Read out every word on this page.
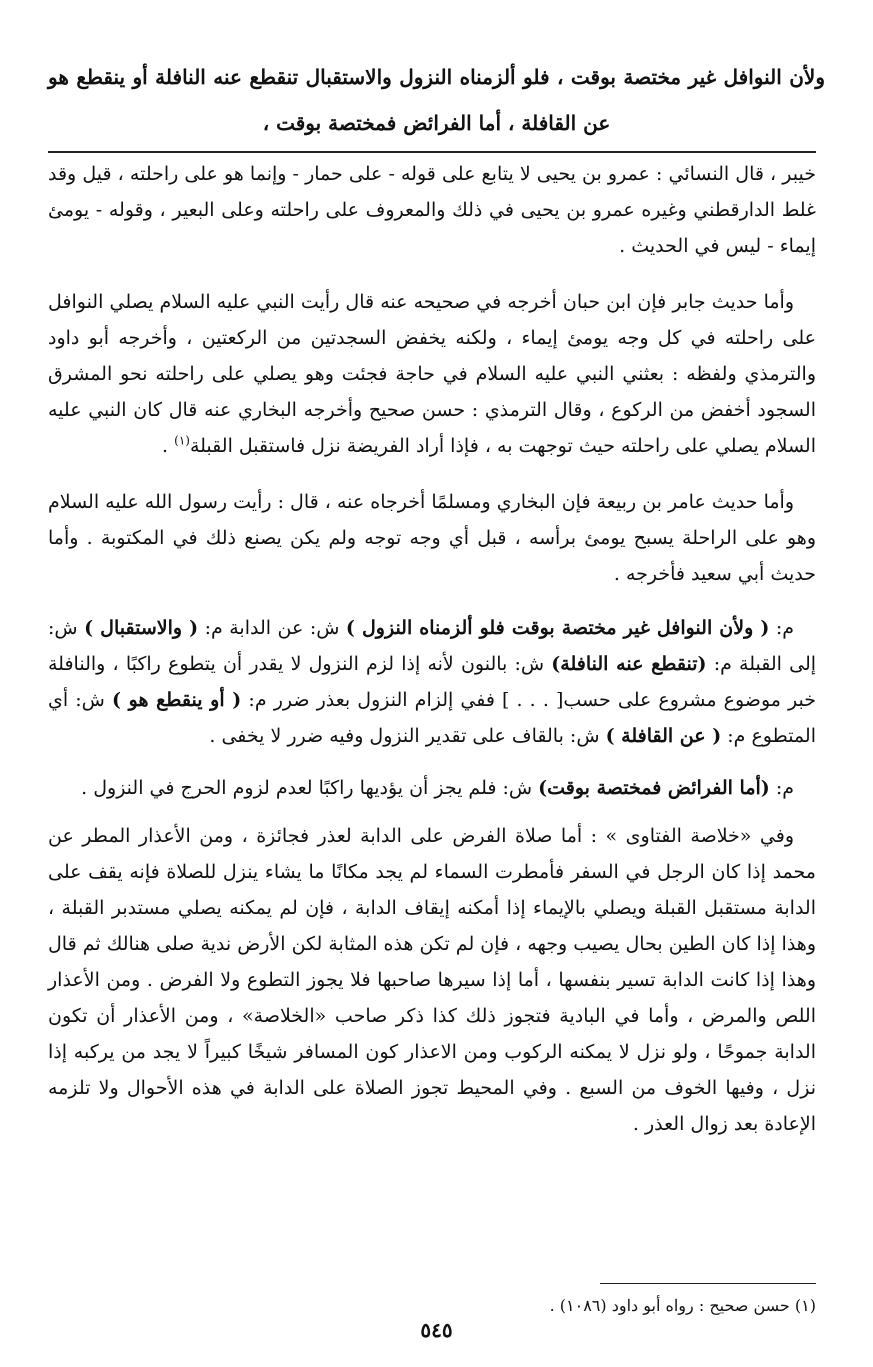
ولأن النوافل غير مختصة بوقت ، فلو ألزمناه النزول والاستقبال تنقطع عنه النافلة أو ينقطع هو عن القافلة ، أما الفرائض فمختصة بوقت ،

خيبر ، قال النسائي : عمرو بن يحيى لا يتابع على قوله - على حمار - وإنما هو على راحلته ، قيل وقد غلط الدارقطني وغيره عمرو بن يحيى في ذلك والمعروف على راحلته وعلى البعير ، وقوله - يومئ إيماء - ليس في الحديث .

وأما حديث جابر فإن ابن حبان أخرجه في صحيحه عنه قال رأيت النبي عليه السلام يصلي النوافل على راحلته في كل وجه يومئ إيماء ، ولكنه يخفض السجدتين من الركعتين ، وأخرجه أبو داود والترمذي ولفظه : بعثني النبي عليه السلام في حاجة فجئت وهو يصلي على راحلته نحو المشرق السجود أخفض من الركوع ، وقال الترمذي : حسن صحيح وأخرجه البخاري عنه قال كان النبي عليه السلام يصلي على راحلته حيث توجهت به ، فإذا أراد الفريضة نزل فاستقبل القبلة$^{(١)}$ .

وأما حديث عامر بن ربيعة فإن البخاري ومسلمًا أخرجاه عنه ، قال : رأيت رسول الله عليه السلام وهو على الراحلة يسبح يومئ برأسه ، قبل أي وجه توجه ولم يكن يصنع ذلك في المكتوبة . وأما حديث أبي سعيد فأخرجه .

م: ( ولأن النوافل غير مختصة بوقت فلو ألزمناه النزول ) ش: عن الدابة م: ( والاستقبال ) ش: إلى القبلة م: (تنقطع عنه النافلة) ش: بالنون لأنه إذا لزم النزول لا يقدر أن يتطوع راكبًا ، والنافلة خبر موضوع مشروع على حسب[ . . . ] ففي إلزام النزول بعذر ضرر م: ( أو ينقطع هو ) ش: أي المتطوع م: ( عن القافلة ) ش: بالقاف على تقدير النزول وفيه ضرر لا يخفى .

م: (أما الفرائض فمختصة بوقت) ش: فلم يجز أن يؤديها راكبًا لعدم لزوم الحرج في النزول .

وفي «خلاصة الفتاوى » : أما صلاة الفرض على الدابة لعذر فجائزة ، ومن الأعذار المطر عن محمد إذا كان الرجل في السفر فأمطرت السماء لم يجد مكانًا ما يشاء ينزل للصلاة فإنه يقف على الدابة مستقبل القبلة ويصلي بالإيماء إذا أمكنه إيقاف الدابة ، فإن لم يمكنه يصلي مستدبر القبلة ، وهذا إذا كان الطين بحال يصيب وجهه ، فإن لم تكن هذه المثابة لكن الأرض ندية صلى هنالك ثم قال وهذا إذا كانت الدابة تسير بنفسها ، أما إذا سيرها صاحبها فلا يجوز التطوع ولا الفرض . ومن الأعذار اللص والمرض ، وأما في البادية فتجوز ذلك كذا ذكر صاحب «الخلاصة» ، ومن الأعذار أن تكون الدابة جموحًا ، ولو نزل لا يمكنه الركوب ومن الاعذار كون المسافر شيخًا كبيراً لا يجد من يركبه إذا نزل ، وفيها الخوف من السبع . وفي المحيط تجوز الصلاة على الدابة في هذه الأحوال ولا تلزمه الإعادة بعد زوال العذر .

(١) حسن صحيح : رواه أبو داود (١٠٨٦) .

٥٤٥
